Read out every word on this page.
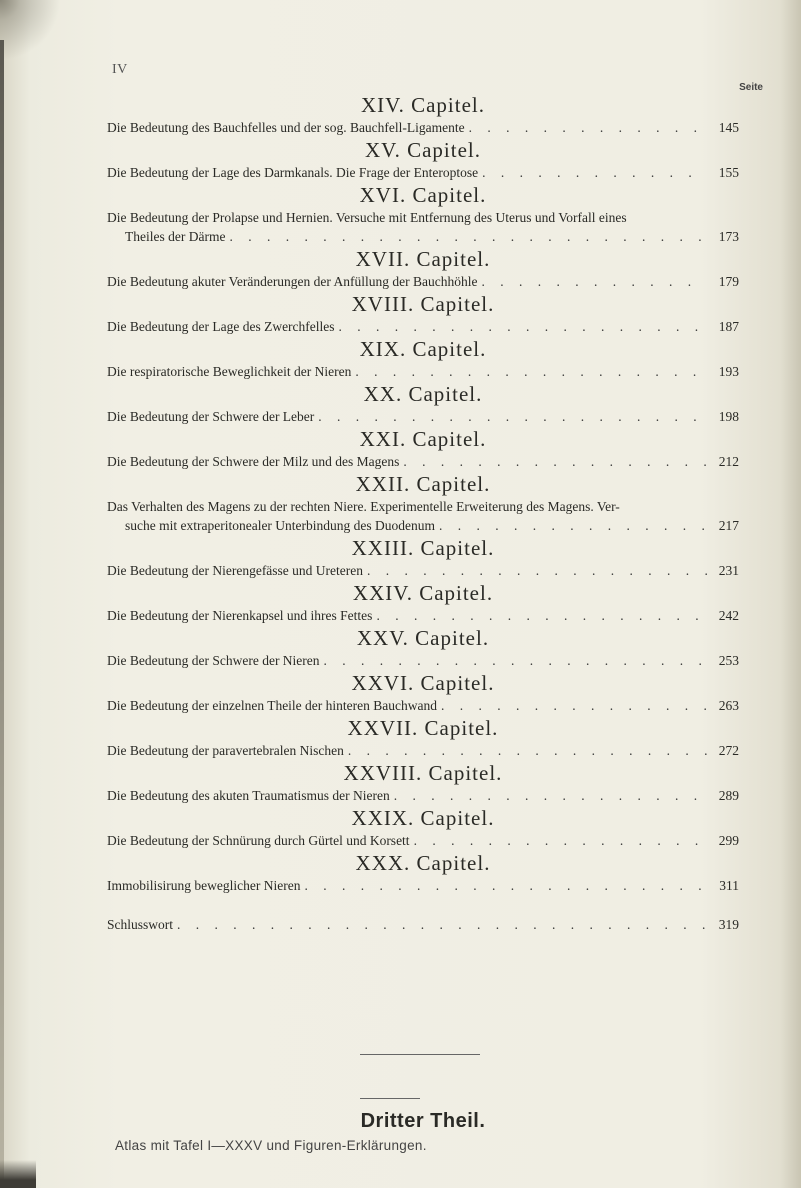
IV
Seite
XIV. Capitel.
Die Bedeutung des Bauchfelles und der sog. Bauchfell-Ligamente . . .	145
XV. Capitel.
Die Bedeutung der Lage des Darmkanals. Die Frage der Enteroptose . . .	155
XVI. Capitel.
Die Bedeutung der Prolapse und Hernien. Versuche mit Entfernung des Uterus und Vorfall eines
Theiles der Därme . . .	173
XVII. Capitel.
Die Bedeutung akuter Veränderungen der Anfüllung der Bauchhöhle . . .	179
XVIII. Capitel.
Die Bedeutung der Lage des Zwerchfelles . . .	187
XIX. Capitel.
Die respiratorische Beweglichkeit der Nieren . . .	193
XX. Capitel.
Die Bedeutung der Schwere der Leber . . .	198
XXI. Capitel.
Die Bedeutung der Schwere der Milz und des Magens . . .	212
XXII. Capitel.
Das Verhalten des Magens zu der rechten Niere. Experimentelle Erweiterung des Magens. Ver-
suche mit extraperitonealer Unterbindung des Duodenum . . .	217
XXIII. Capitel.
Die Bedeutung der Nierengefässe und Ureteren . . .	231
XXIV. Capitel.
Die Bedeutung der Nierenkapsel und ihres Fettes . . .	242
XXV. Capitel.
Die Bedeutung der Schwere der Nieren . . .	253
XXVI. Capitel.
Die Bedeutung der einzelnen Theile der hinteren Bauchwand . . .	263
XXVII. Capitel.
Die Bedeutung der paravertebralen Nischen . . .	272
XXVIII. Capitel.
Die Bedeutung des akuten Traumatismus der Nieren . . .	289
XXIX. Capitel.
Die Bedeutung der Schnürung durch Gürtel und Korsett . . .	299
XXX. Capitel.
Immobilisirung beweglicher Nieren . . .	311
Schlusswort . . .	319
Dritter Theil.
Atlas mit Tafel I—XXXV und Figuren-Erklärungen.
